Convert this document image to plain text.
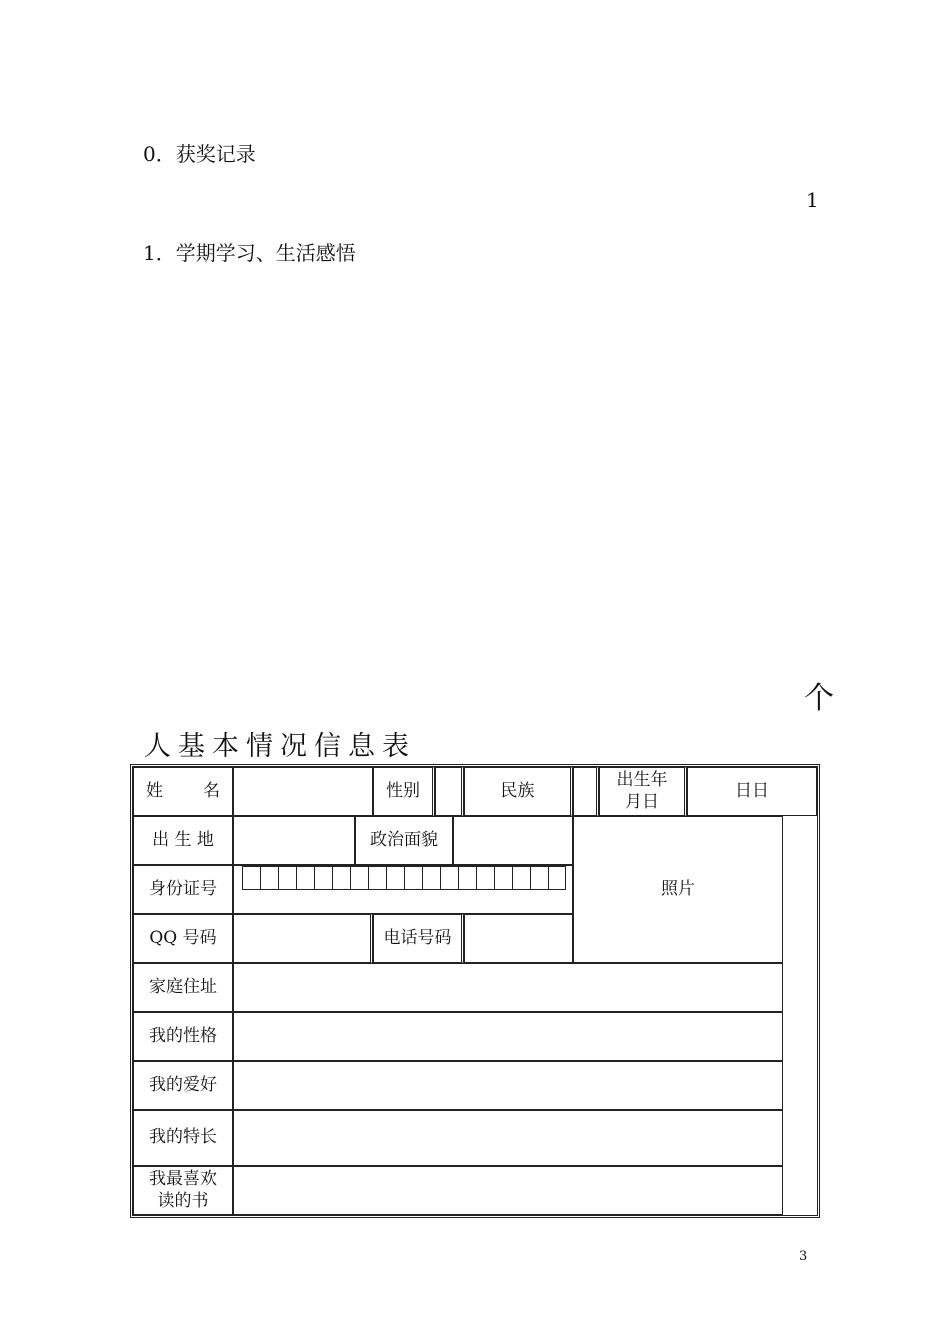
0．获奖记录
1
1．学期学习、生活感悟
个
人基本情况信息表
姓 名			性别			民族		出生年月日	日日
出 生 地		政治面貌					照片		
身份证号									

QQ 号码			电话号码						
家庭住址									
我的性格									
我的爱好									
我的特长									

我最喜欢读的书									

3
